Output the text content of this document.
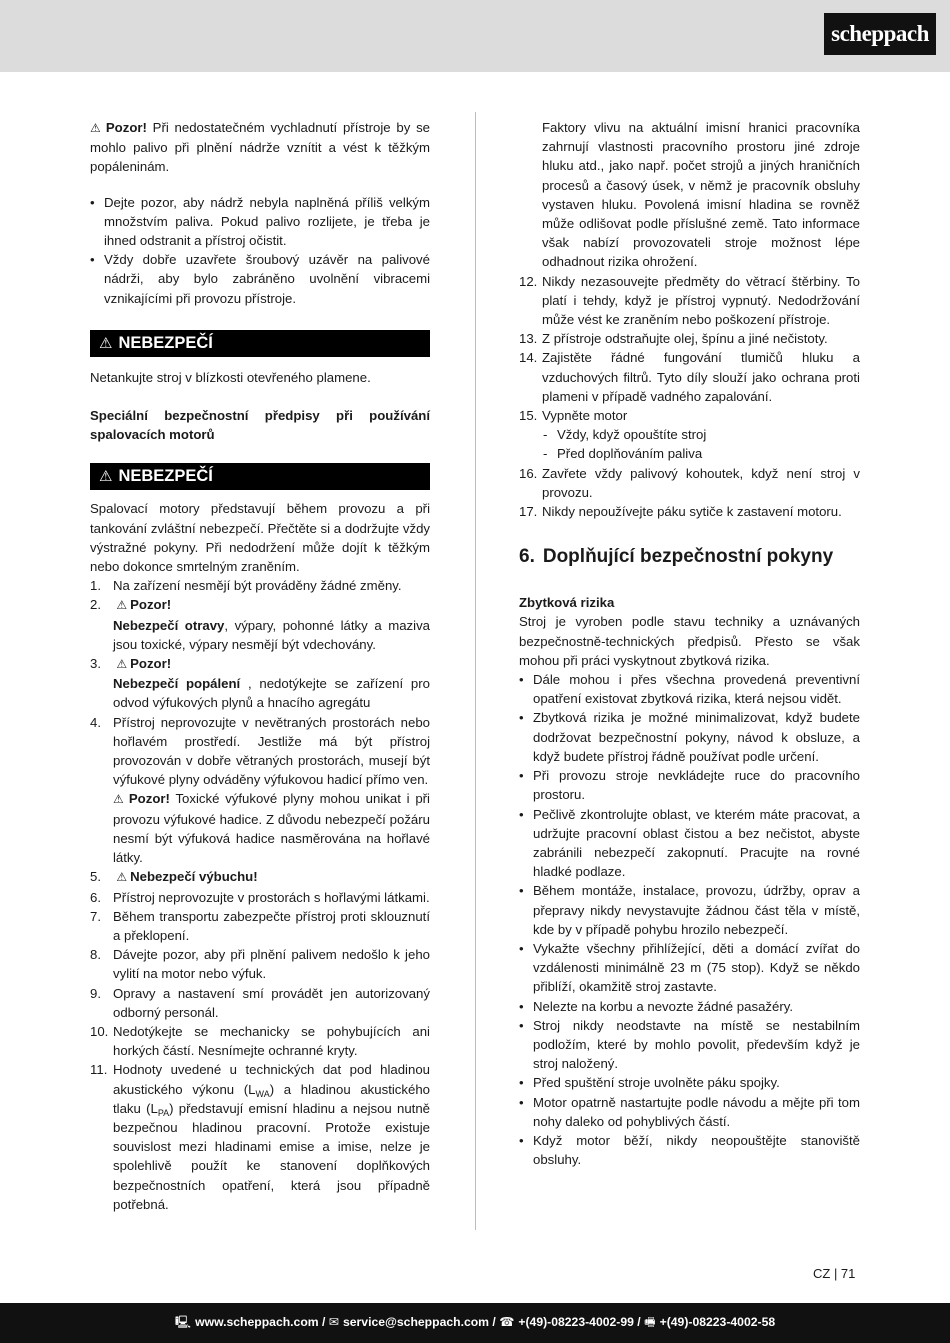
scheppach

⚠ Pozor! Při nedostatečném vychladnutí přístroje by se mohlo palivo při plnění nádrže vznítit a vést k těžkým popáleninám.

• Dejte pozor, aby nádrž nebyla naplněná příliš velkým množstvím paliva. Pokud palivo rozlijete, je třeba je ihned odstranit a přístroj očistit.
• Vždy dobře uzavřete šroubový uzávěr na palivové nádrži, aby bylo zabráněno uvolnění vibracemi vznikajícími při provozu přístroje.
⚠ NEBEZPEČÍ

Netankujte stroj v blízkosti otevřeného plamene.

Speciální bezpečnostní předpisy při používání spalovacích motorů

⚠ NEBEZPEČÍ

Spalovací motory představují během provozu a při tankování zvláštní nebezpečí. Přečtěte si a dodržujte vždy výstražné pokyny. Při nedodržení může dojít k těžkým nebo dokonce smrtelným zraněním.

1. Na zařízení nesmějí být prováděny žádné změny.
2. ⚠ Pozor!
Nebezpečí otravy, výpary, pohonné látky a maziva jsou toxické, výpary nesmějí být vdechovány.
3. ⚠ Pozor!
Nebezpečí popálení , nedotýkejte se zařízení pro odvod výfukových plynů a hnacího agregátu
4. Přístroj neprovozujte v nevětraných prostorách nebo hořlavém prostředí. Jestliže má být přístroj provozován v dobře větraných prostorách, musejí být výfukové plyny odváděny výfukovou hadicí přímo ven.
⚠ Pozor! Toxické výfukové plyny mohou unikat i při provozu výfukové hadice. Z důvodu nebezpečí požáru nesmí být výfuková hadice nasměrována na hořlavé látky.
5. ⚠ Nebezpečí výbuchu!
6. Přístroj neprovozujte v prostorách s hořlavými látkami.
7. Během transportu zabezpečte přístroj proti sklouznutí a překlopení.
8. Dávejte pozor, aby při plnění palivem nedošlo k jeho vylití na motor nebo výfuk.
9. Opravy a nastavení smí provádět jen autorizovaný odborný personál.
10. Nedotýkejte se mechanicky se pohybujících ani horkých částí. Nesnímejte ochranné kryty.
11. Hodnoty uvedené u technických dat pod hladinou akustického výkonu $(L_{WA})$ a hladinou akustického tlaku $(L_{PA})$ představují emisní hladinu a nejsou nutně bezpečnou hladinou pracovní. Protože existuje souvislost mezi hladinami emise a imise, nelze je spolehlivě použít ke stanovení doplňkových bezpečnostních opatření, která jsou případně potřebná.

Faktory vlivu na aktuální imisní hranici pracovníka zahrnují vlastnosti pracovního prostoru jiné zdroje hluku atd., jako např. počet strojů a jiných hraničních procesů a časový úsek, v němž je pracovník obsluhy vystaven hluku. Povolená imisní hladina se rovněž může odlišovat podle příslušné země. Tato informace však nabízí provozovateli stroje možnost lépe odhadnout rizika ohrožení.

12. Nikdy nezasouvejte předměty do větrací štěrbiny. To platí i tehdy, když je přístroj vypnutý. Nedodržování může vést ke zraněním nebo poškození přístroje.
13. Z přístroje odstraňujte olej, špínu a jiné nečistoty.
14. Zajistěte řádné fungování tlumičů hluku a vzduchových filtrů. Tyto díly slouží jako ochrana proti plameni v případě vadného zapalování.
15. Vypněte motor
- Vždy, když opouštíte stroj
- Před doplňováním paliva
16. Zavřete vždy palivový kohoutek, když není stroj v provozu.
17. Nikdy nepoužívejte páku sytiče k zastavení motoru.
6. Doplňující bezpečnostní pokyny

Zbytková rizika

Stroj je vyroben podle stavu techniky a uznávaných bezpečnostně-technických předpisů. Přesto se však mohou při práci vyskytnout zbytková rizika.

• Dále mohou i přes všechna provedená preventivní opatření existovat zbytková rizika, která nejsou vidět.
• Zbytková rizika je možné minimalizovat, když budete dodržovat bezpečnostní pokyny, návod k obsluze, a když budete přístroj řádně používat podle určení.
• Při provozu stroje nevkládejte ruce do pracovního prostoru.
• Pečlivě zkontrolujte oblast, ve kterém máte pracovat, a udržujte pracovní oblast čistou a bez nečistot, abyste zabránili nebezpečí zakopnutí. Pracujte na rovné hladké podlaze.
• Během montáže, instalace, provozu, údržby, oprav a přepravy nikdy nevystavujte žádnou část těla v místě, kde by v případě pohybu hrozilo nebezpečí.
• Vykažte všechny přihlížející, děti a domácí zvířat do vzdálenosti minimálně 23 m (75 stop). Když se někdo přiblíží, okamžitě stroj zastavte.
• Nelezte na korbu a nevozte žádné pasažéry.
• Stroj nikdy neodstavte na místě se nestabilním podložím, které by mohlo povolit, především když je stroj naložený.
• Před spuštění stroje uvolněte páku spojky.
• Motor opatrně nastartujte podle návodu a mějte při tom nohy daleko od pohyblivých částí.
• Když motor běží, nikdy neopouštějte stanoviště obsluhy.
CZ | 71
🖳 www.scheppach.com /
✉ service@scheppach.com /
☎ +(49)-08223-4002-99 /
🖷 +(49)-08223-4002-58
